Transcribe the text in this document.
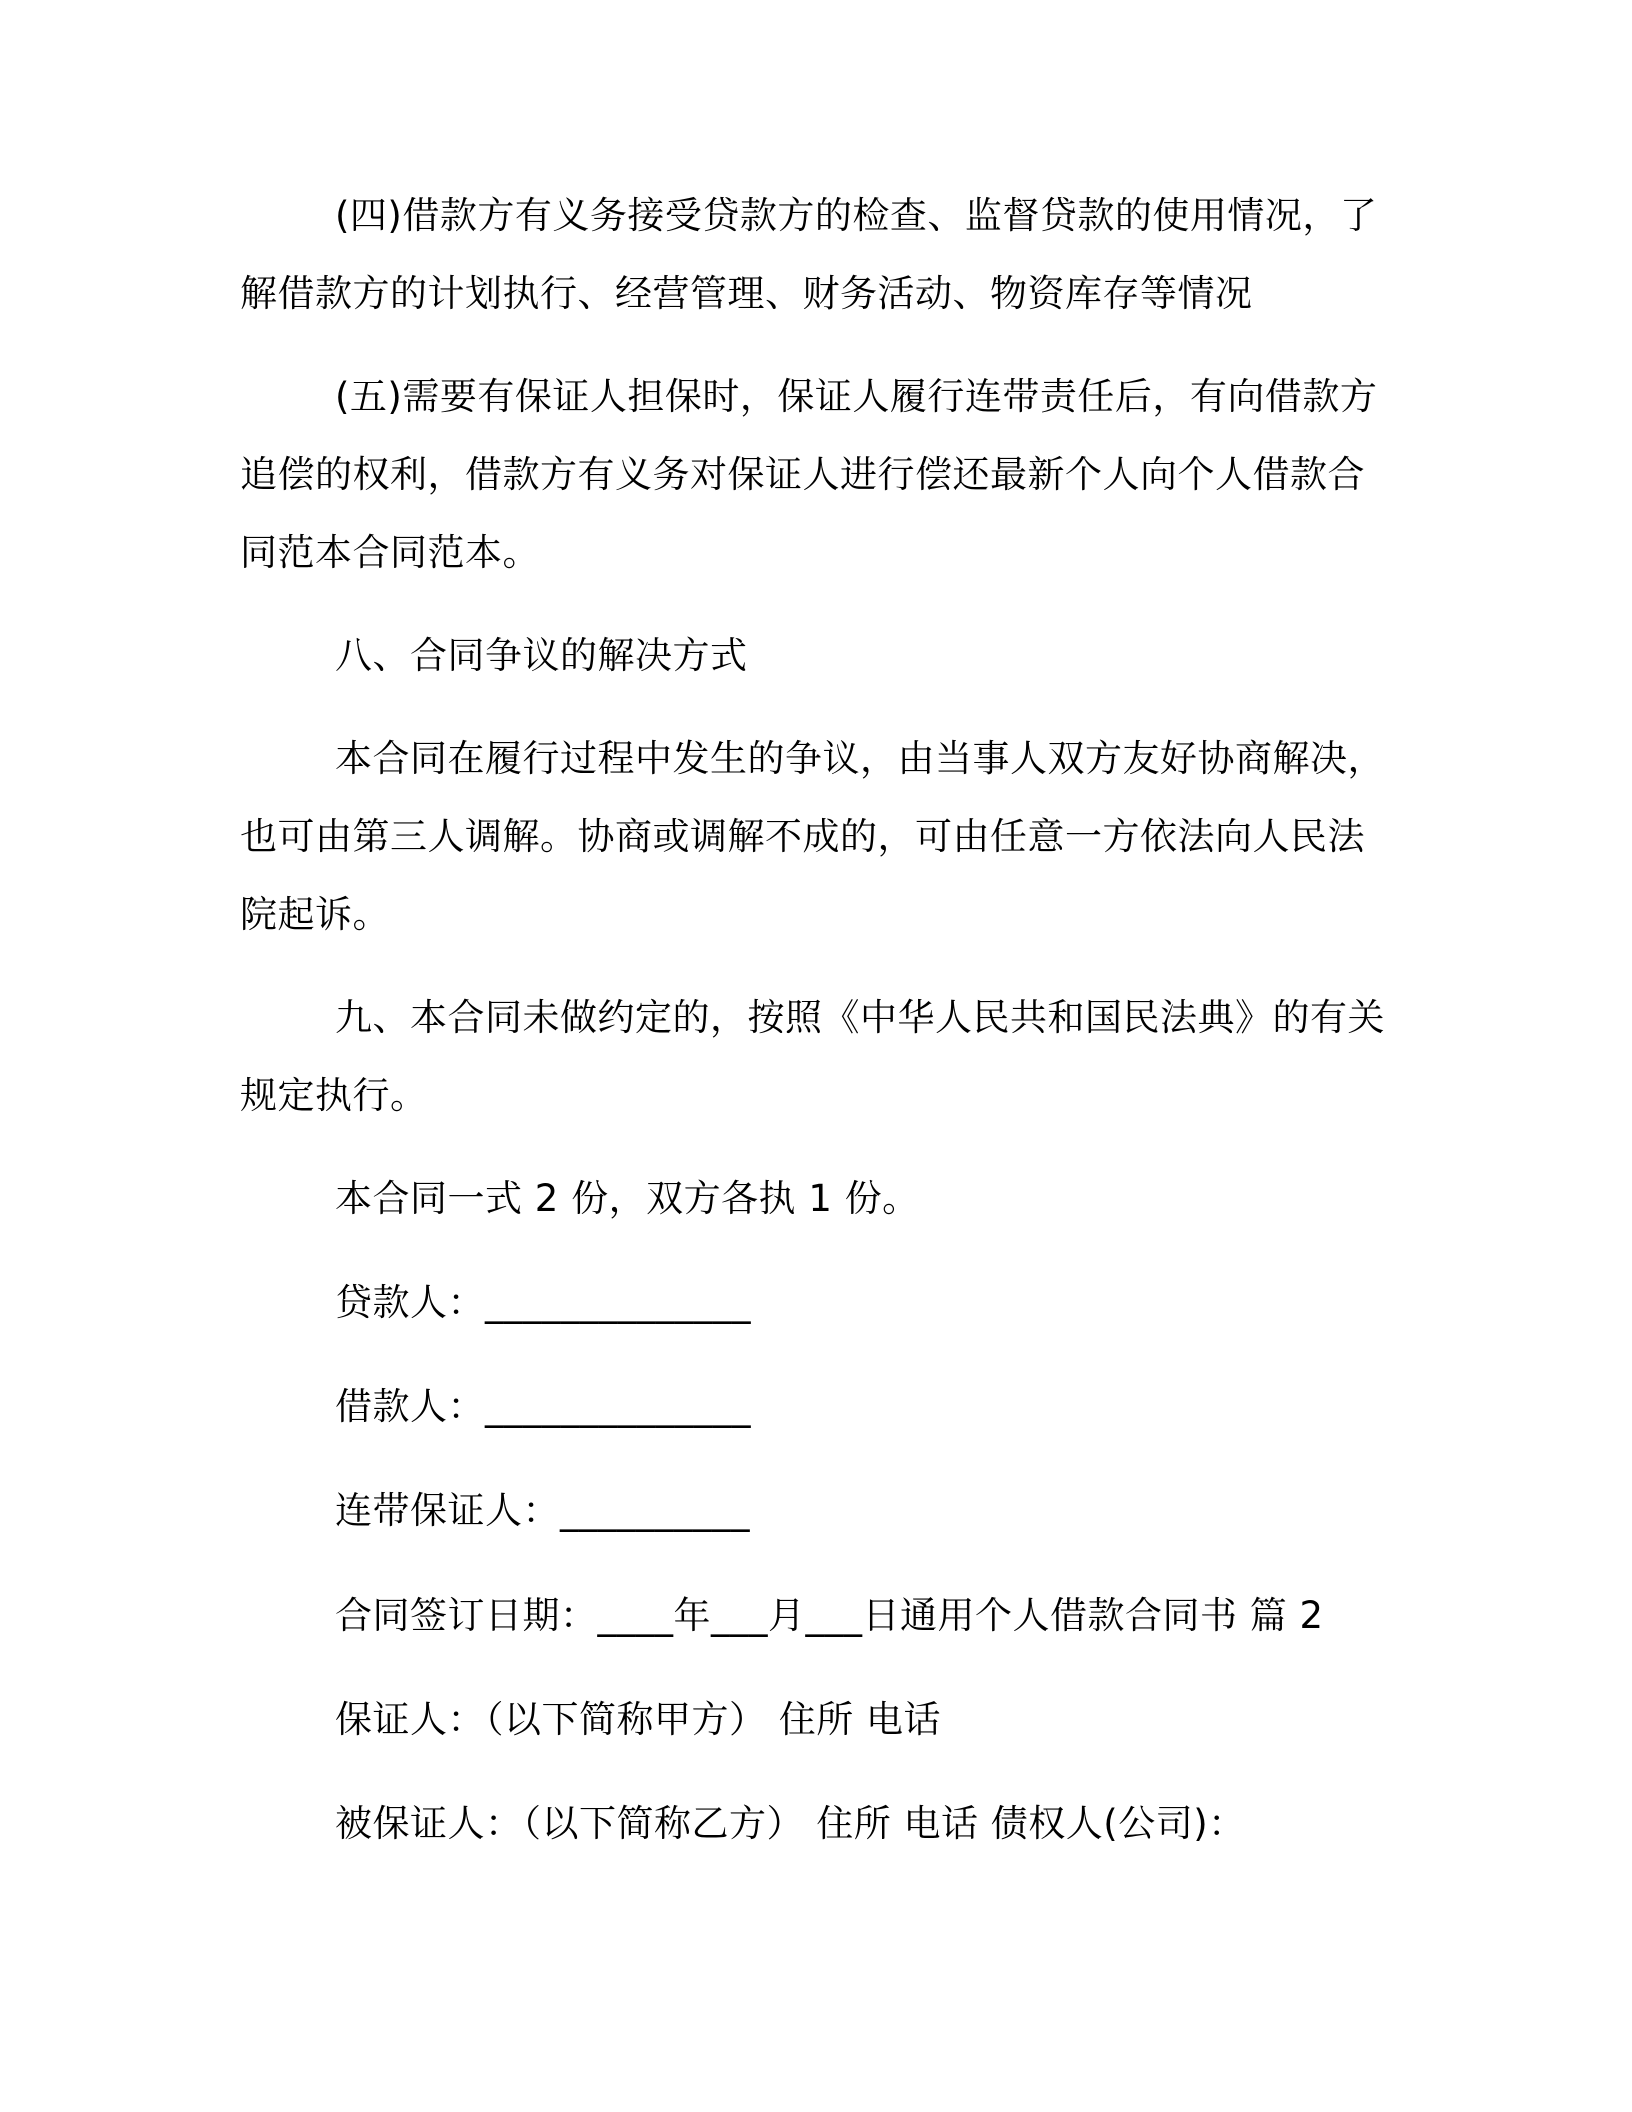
(四)借款方有义务接受贷款方的检查、监督贷款的使用情况，了解借款方的计划执行、经营管理、财务活动、物资库存等情况

(五)需要有保证人担保时，保证人履行连带责任后，有向借款方追偿的权利，借款方有义务对保证人进行偿还最新个人向个人借款合同范本合同范本。

八、合同争议的解决方式

本合同在履行过程中发生的争议，由当事人双方友好协商解决，也可由第三人调解。协商或调解不成的，可由任意一方依法向人民法院起诉。

九、本合同未做约定的，按照《中华人民共和国民法典》的有关规定执行。

本合同一式 2 份，双方各执 1 份。

贷款人：______________

借款人：______________

连带保证人：__________

合同签订日期：____年___月___日通用个人借款合同书 篇 2

保证人：（以下简称甲方） 住所 电话

被保证人：（以下简称乙方） 住所 电话 债权人(公司)：
